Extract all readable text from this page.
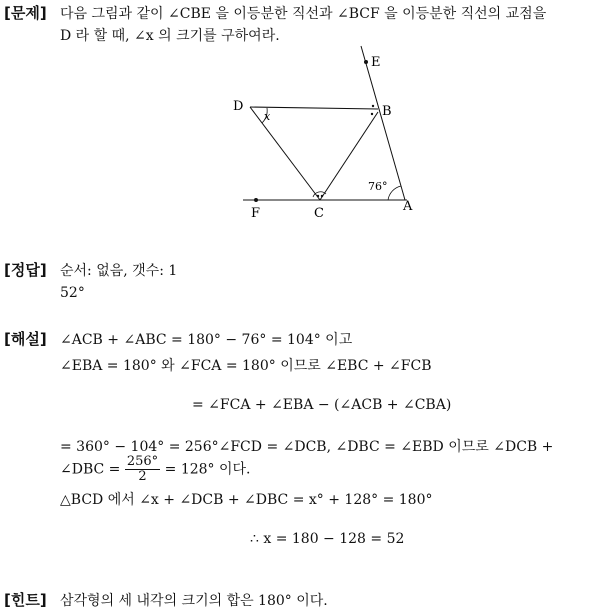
[문제] 다음 그림과 같이 ∠CBE 을 이등분한 직선과 ∠BCF 을 이등분한 직선의 교점을
D 라 할 때, ∠x 의 크기를 구하여라.
E
D	B
x
76°
F	C	A
[정답] 순서: 없음, 갯수: 1
52°
[해설] ∠ACB + ∠ABC = 180° − 76° = 104° 이고
∠EBA = 180° 와 ∠FCA = 180° 이므로 ∠EBC + ∠FCB
= ∠FCA + ∠EBA − (∠ACB + ∠CBA)
= 360° − 104° = 256°∠FCD = ∠DCB, ∠DBC = ∠EBD 이므로 ∠DCB +
∠DBC = $\frac{256^\circ}{2} = 128^\circ$ 이다.
△BCD 에서 ∠x + ∠DCB + ∠DBC = x° + 128° = 180°
∴ x = 180 − 128 = 52
[힌트] 삼각형의 세 내각의 크기의 합은 180° 이다.
